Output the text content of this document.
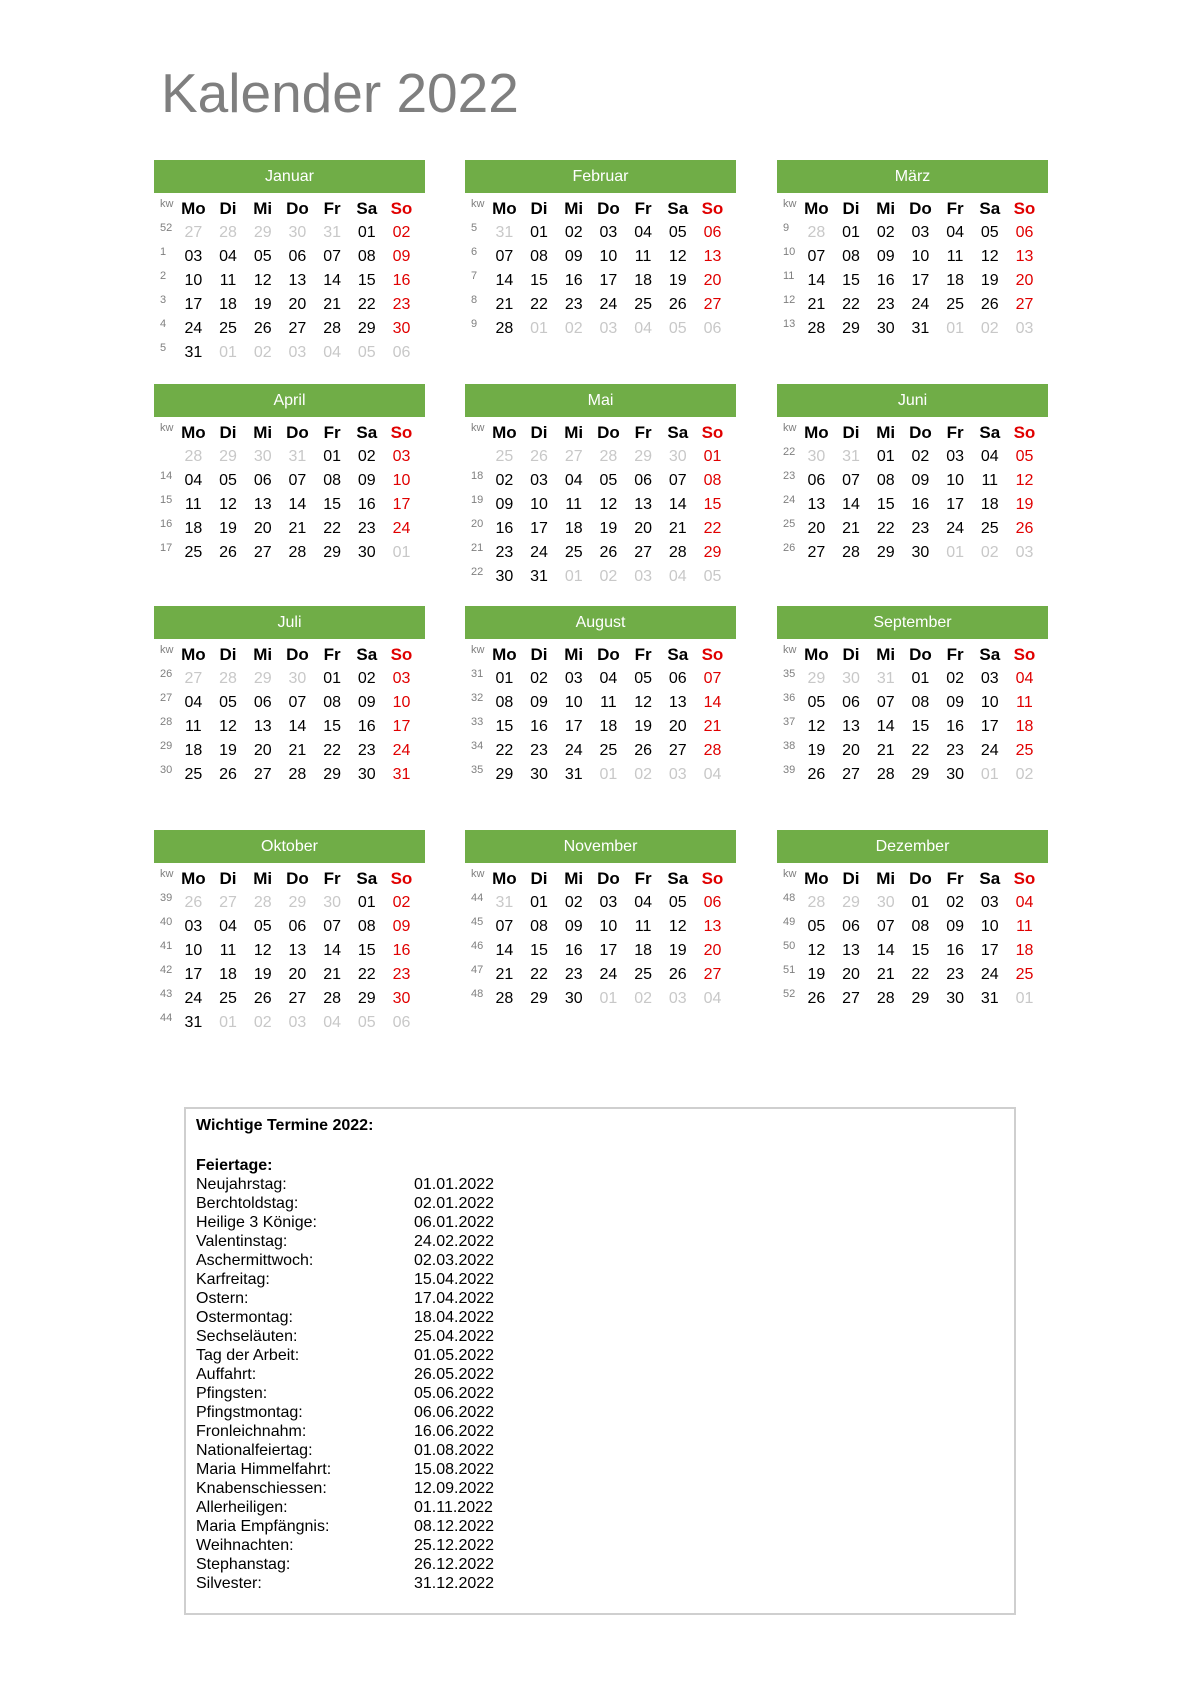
Kalender 2022
Januar
kw Mo Di Mi Do Fr Sa So
52 27	28	29	30	31	01	02
1	03	04	05	06	07	08	09
2	10	11	12	13	14	15	16
3	17	18	19	20	21	22	23
4	24	25	26	27	28	29	30
5	31	01	02	03	04	05	06
Februar
kw Mo Di Mi Do Fr Sa So
5	31	01	02	03	04	05	06
6	07	08	09	10	11	12	13
7	14	15	16	17	18	19	20
8	21	22	23	24	25	26	27
9	28	01	02	03	04	05	06
März
kw Mo Di Mi Do Fr Sa So
9	28	01	02	03	04	05	06
10 07	08	09	10	11	12	13
11 14	15	16	17	18	19	20
12 21	22	23	24	25	26	27
13 28	29	30	31	01	02	03
April
kw Mo Di Mi Do Fr Sa So
28	29	30	31	01	02	03
14 04	05	06	07	08	09	10
15 11	12	13	14	15	16	17
16 18	19	20	21	22	23	24
17 25	26	27	28	29	30	01
Mai
kw Mo Di Mi Do Fr Sa So
25	26	27	28	29	30	01
18 02	03	04	05	06	07	08
19 09	10	11	12	13	14	15
20 16	17	18	19	20	21	22
21 23	24	25	26	27	28	29
22 30	31	01	02	03	04	05
Juni
kw Mo Di Mi Do Fr Sa So
22 30	31	01	02	03	04	05
23 06	07	08	09	10	11	12
24 13	14	15	16	17	18	19
25 20	21	22	23	24	25	26
26 27	28	29	30	01	02	03
Juli
kw Mo Di Mi Do Fr Sa So
26 27	28	29	30	01	02	03
27 04	05	06	07	08	09	10
28 11	12	13	14	15	16	17
29 18	19	20	21	22	23	24
30 25	26	27	28	29	30	31
August
kw Mo Di Mi Do Fr Sa So
31 01	02	03	04	05	06	07
32 08	09	10	11	12	13	14
33 15	16	17	18	19	20	21
34 22	23	24	25	26	27	28
35 29	30	31	01	02	03	04
September
kw Mo Di Mi Do Fr Sa So
35 29	30	31	01	02	03	04
36 05	06	07	08	09	10	11
37 12	13	14	15	16	17	18
38 19	20	21	22	23	24	25
39 26	27	28	29	30	01	02
Oktober
kw Mo Di Mi Do Fr Sa So
39 26	27	28	29	30	01	02
40 03	04	05	06	07	08	09
41 10	11	12	13	14	15	16
42 17	18	19	20	21	22	23
43 24	25	26	27	28	29	30
44 31	01	02	03	04	05	06
November
kw Mo Di Mi Do Fr Sa So
44 31	01	02	03	04	05	06
45 07	08	09	10	11	12	13
46 14	15	16	17	18	19	20
47 21	22	23	24	25	26	27
48 28	29	30	01	02	03	04
Dezember
kw Mo Di Mi Do Fr Sa So
48 28	29	30	01	02	03	04
49 05	06	07	08	09	10	11
50 12	13	14	15	16	17	18
51 19	20	21	22	23	24	25
52 26	27	28	29	30	31	01
Wichtige Termine 2022:
Feiertage:
Neujahrstag:	01.01.2022
Berchtoldstag:	02.01.2022
Heilige 3 Könige:	06.01.2022
Valentinstag:	24.02.2022
Aschermittwoch:	02.03.2022
Karfreitag:	15.04.2022
Ostern:	17.04.2022
Ostermontag:	18.04.2022
Sechseläuten:	25.04.2022
Tag der Arbeit:	01.05.2022
Auffahrt:	26.05.2022
Pfingsten:	05.06.2022
Pfingstmontag:	06.06.2022
Fronleichnahm:	16.06.2022
Nationalfeiertag:	01.08.2022
Maria Himmelfahrt:	15.08.2022
Knabenschiessen:	12.09.2022
Allerheiligen:	01.11.2022
Maria Empfängnis:	08.12.2022
Weihnachten:	25.12.2022
Stephanstag:	26.12.2022
Silvester:	31.12.2022
